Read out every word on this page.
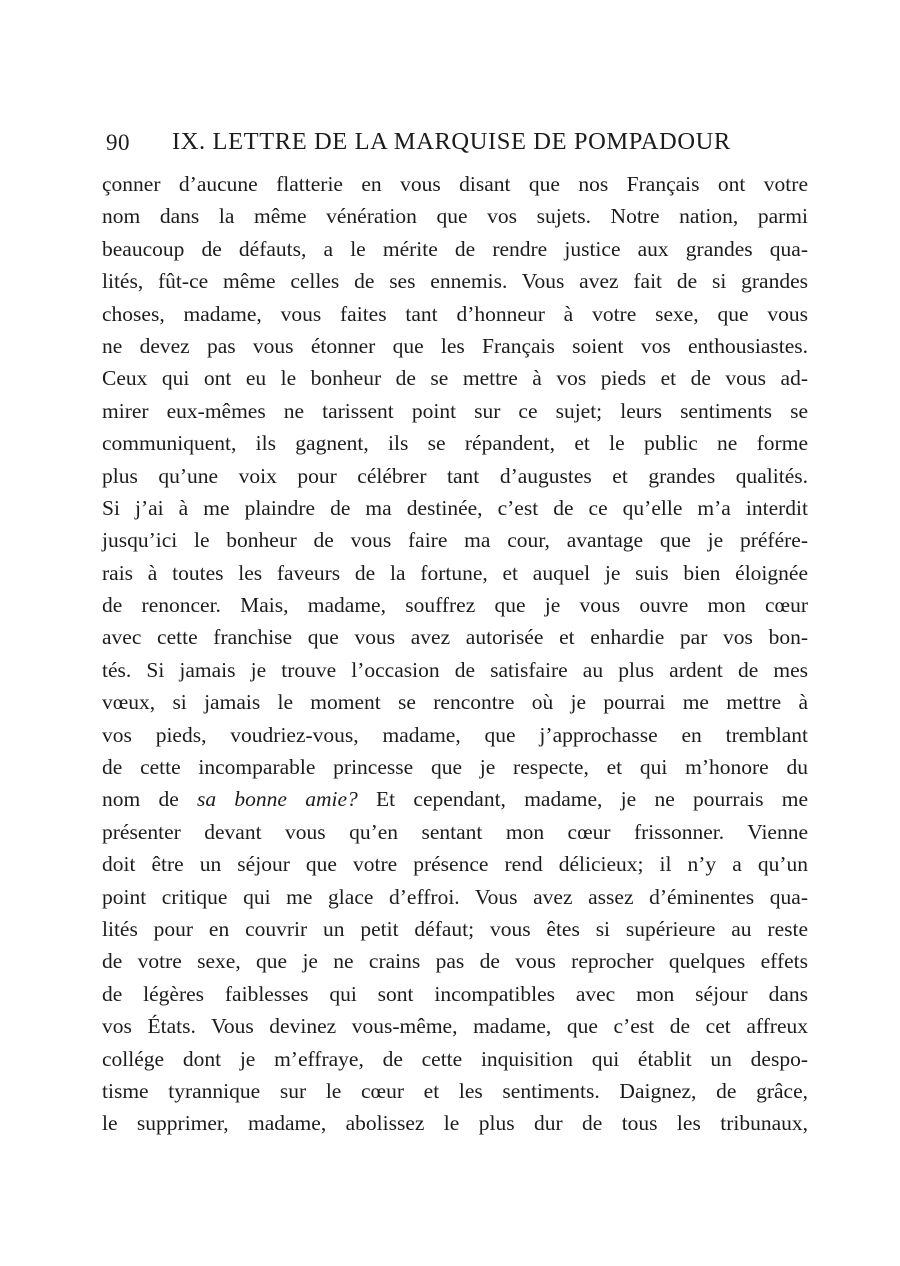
90 IX. LETTRE DE LA MARQUISE DE POMPADOUR
çonner d’aucune flatterie en vous disant que nos Français ont votre
nom dans la même vénération que vos sujets. Notre nation, parmi
beaucoup de défauts, a le mérite de rendre justice aux grandes qua-
lités, fût-ce même celles de ses ennemis. Vous avez fait de si grandes
choses, madame, vous faites tant d’honneur à votre sexe, que vous
ne devez pas vous étonner que les Français soient vos enthousiastes.
Ceux qui ont eu le bonheur de se mettre à vos pieds et de vous ad-
mirer eux-mêmes ne tarissent point sur ce sujet; leurs sentiments se
communiquent, ils gagnent, ils se répandent, et le public ne forme
plus qu’une voix pour célébrer tant d’augustes et grandes qualités.
Si j’ai à me plaindre de ma destinée, c’est de ce qu’elle m’a interdit
jusqu’ici le bonheur de vous faire ma cour, avantage que je préfére-
rais à toutes les faveurs de la fortune, et auquel je suis bien éloignée
de renoncer. Mais, madame, souffrez que je vous ouvre mon cœur
avec cette franchise que vous avez autorisée et enhardie par vos bon-
tés. Si jamais je trouve l’occasion de satisfaire au plus ardent de mes
vœux, si jamais le moment se rencontre où je pourrai me mettre à
vos pieds, voudriez-vous, madame, que j’approchasse en tremblant
de cette incomparable princesse que je respecte, et qui m’honore du
nom de sa bonne amie? Et cependant, madame, je ne pourrais me
présenter devant vous qu’en sentant mon cœur frissonner. Vienne
doit être un séjour que votre présence rend délicieux; il n’y a qu’un
point critique qui me glace d’effroi. Vous avez assez d’éminentes qua-
lités pour en couvrir un petit défaut; vous êtes si supérieure au reste
de votre sexe, que je ne crains pas de vous reprocher quelques effets
de légères faiblesses qui sont incompatibles avec mon séjour dans
vos États. Vous devinez vous-même, madame, que c’est de cet affreux
collége dont je m’effraye, de cette inquisition qui établit un despo-
tisme tyrannique sur le cœur et les sentiments. Daignez, de grâce,
le supprimer, madame, abolissez le plus dur de tous les tribunaux,
